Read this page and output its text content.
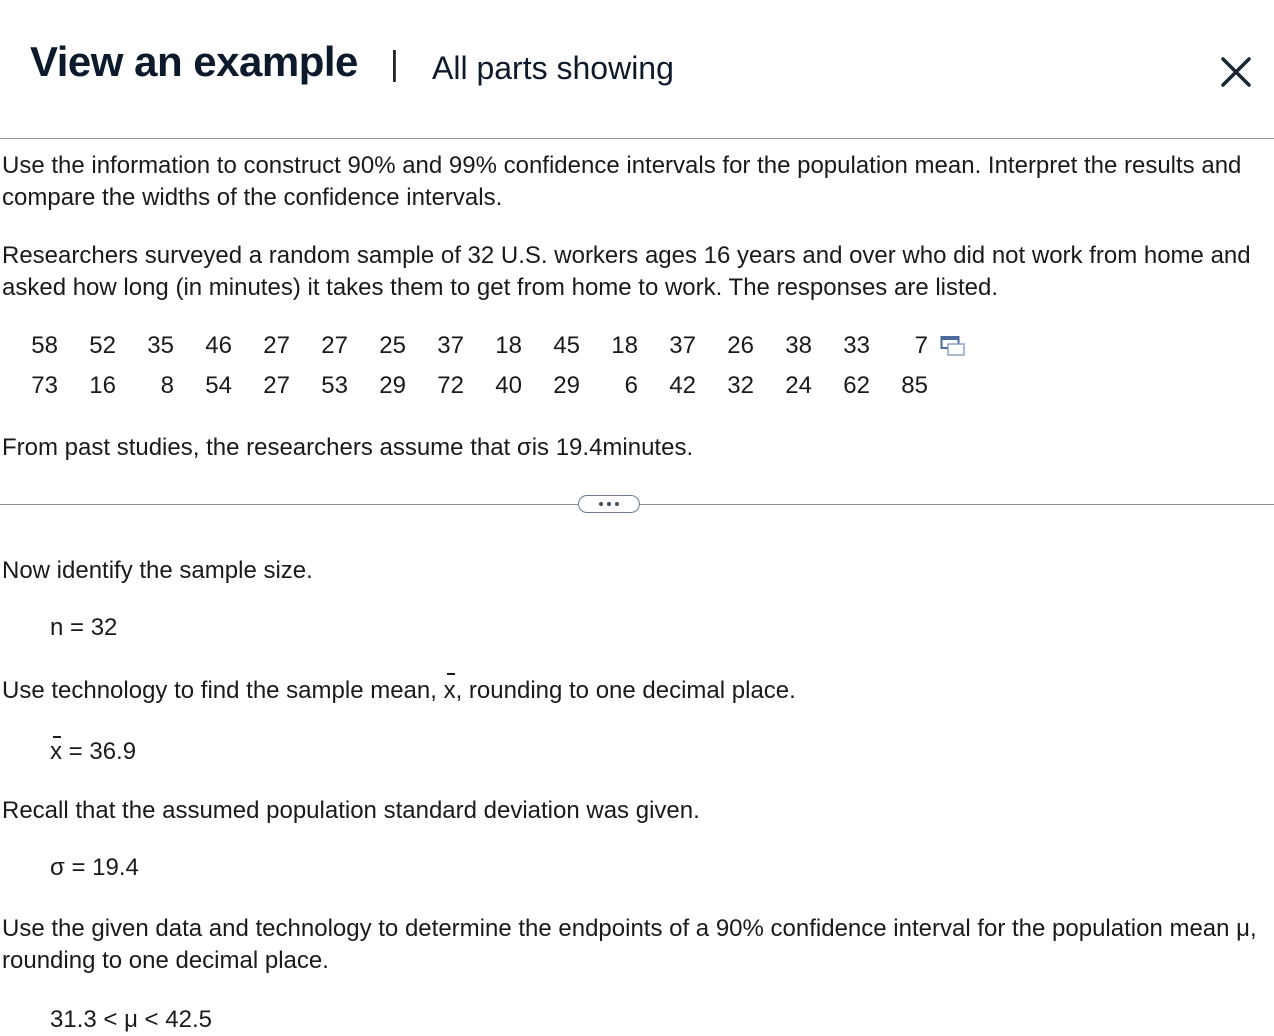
View an example | All parts showing
Use the information to construct 90% and 99% confidence intervals for the population mean. Interpret the results and compare the widths of the confidence intervals.
Researchers surveyed a random sample of 32 U.S. workers ages 16 years and over who did not work from home and asked how long (in minutes) it takes them to get from home to work. The responses are listed.
58	52	35	46	27	27	25	37	18	45	18	37	26	38	33	7
73	16	8	54	27	53	29	72	40	29	6	42	32	24	62	85
From past studies, the researchers assume that σis 19.4minutes.
Now identify the sample size.
n = 32
Use technology to find the sample mean, x, rounding to one decimal place.
x = 36.9
Recall that the assumed population standard deviation was given.
σ = 19.4
Use the given data and technology to determine the endpoints of a 90% confidence interval for the population mean μ, rounding to one decimal place.
31.3 < μ < 42.5
